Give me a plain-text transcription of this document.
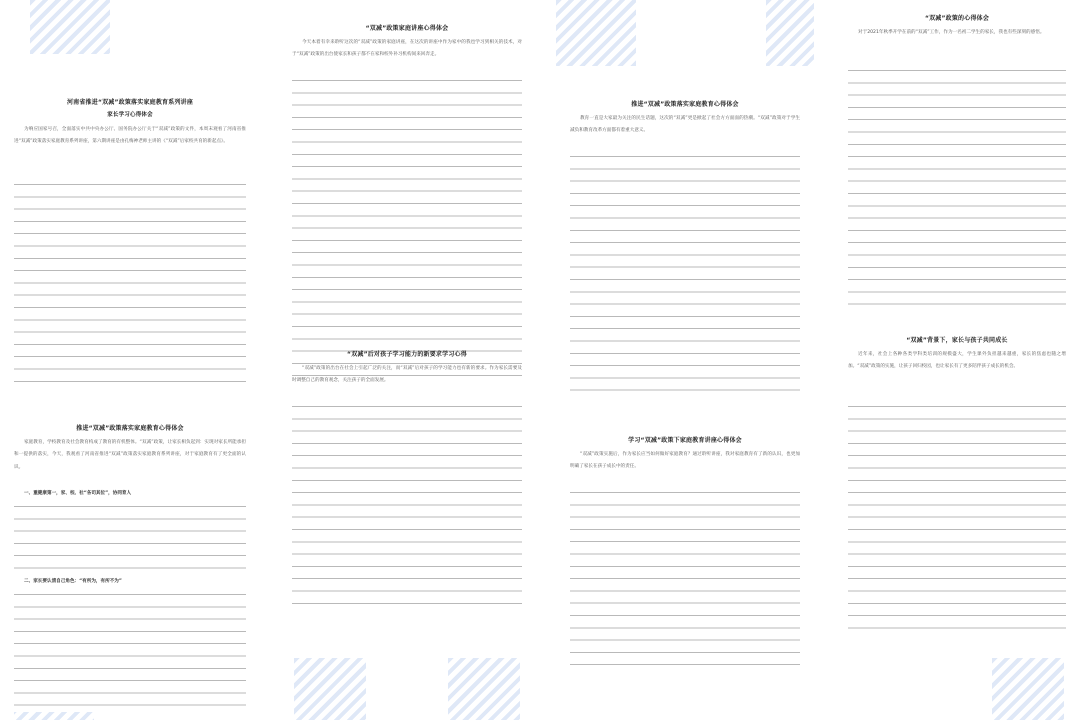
河南省推进“双减”政策落实家庭教育系列讲座
家长学习心得体会
为响应国家号召，全面落实中共中央办公厅、国务院办公厅关于“双减”政策的文件，本周末观看了河南省推进“双减”政策落实家庭教育系列讲座，第六期讲座是由孔梅神老师主讲的《“双减”后家校共育的新起点》。
推进“双减”政策落实家庭教育心得体会
家庭教育，学校教育及社会教育构成了教育的有机整体。“双减”政策，让家长相负起到：实现对家长所能承担和一提供的落实，今天，我观看了河南省推进“双减”政策落实家庭教育系列讲座，对于家庭教育有了更全面的认识。
一、重健康第一，家、校、社“各司其位”，协同育人
二、家长要认清自己角色：“有所为，有所不为”
“双减”政策家庭讲座心得体会
今天本着有幸来聆听这次的“双减”政策的家庭讲座，在这次的讲座中作为家中的我也学习到相关的技术，对于“双减”政策的出台使家长和孩子都不在家和校外补习机构间来回奔走。
“双减”后对孩子学习能力的新要求学习心得
“双减”政策的出台在社会上引起广泛的关注，而“双减”后对孩子的学习能力也有新的要求。作为家长需要及时调整自己的教育观念，关注孩子的全面发展。
推进“双减”政策落实家庭教育心得体会
教育一直是大家最为关注的民生话题，这次的“双减”更是掀起了社会方方面面的热潮。“双减”政策对于学生减负和教育改革方面都有着重大意义。
学习“双减”政策下家庭教育讲座心得体会
“双减”政策实施后，作为家长应当如何做好家庭教育？通过聆听讲座，我对家庭教育有了新的认识，也更加明确了家长在孩子成长中的责任。
“双减”政策的心得体会
对于2021年秋季开学在前的“双减”工作，作为一名初二学生的家长，我也有些深刻的感悟。
“双减”背景下，家长与孩子共同成长
近年来，社会上各种各类学科类培训的规模盛大，学生课外负担越来越重，家长的焦虑也随之增加。“双减”政策的实施，让孩子回归校园，也让家长有了更多陪伴孩子成长的机会。
